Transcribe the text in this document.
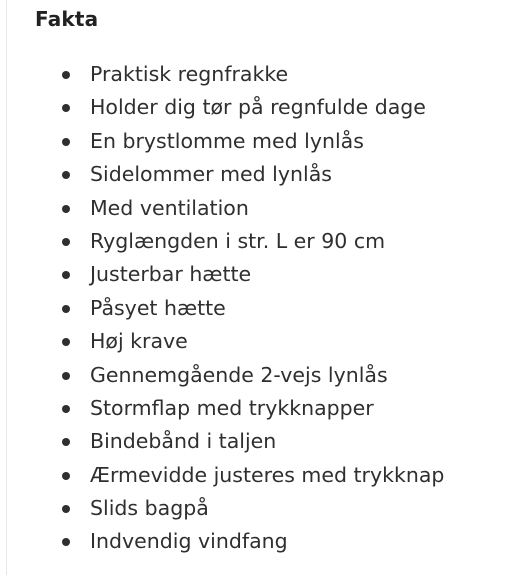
Fakta
Praktisk regnfrakke
Holder dig tør på regnfulde dage
En brystlomme med lynlås
Sidelommer med lynlås
Med ventilation
Ryglængden i str. L er 90 cm
Justerbar hætte
Påsyet hætte
Høj krave
Gennemgående 2-vejs lynlås
Stormflap med trykknapper
Bindebånd i taljen
Ærmevidde justeres med trykknap
Slids bagpå
Indvendig vindfang
